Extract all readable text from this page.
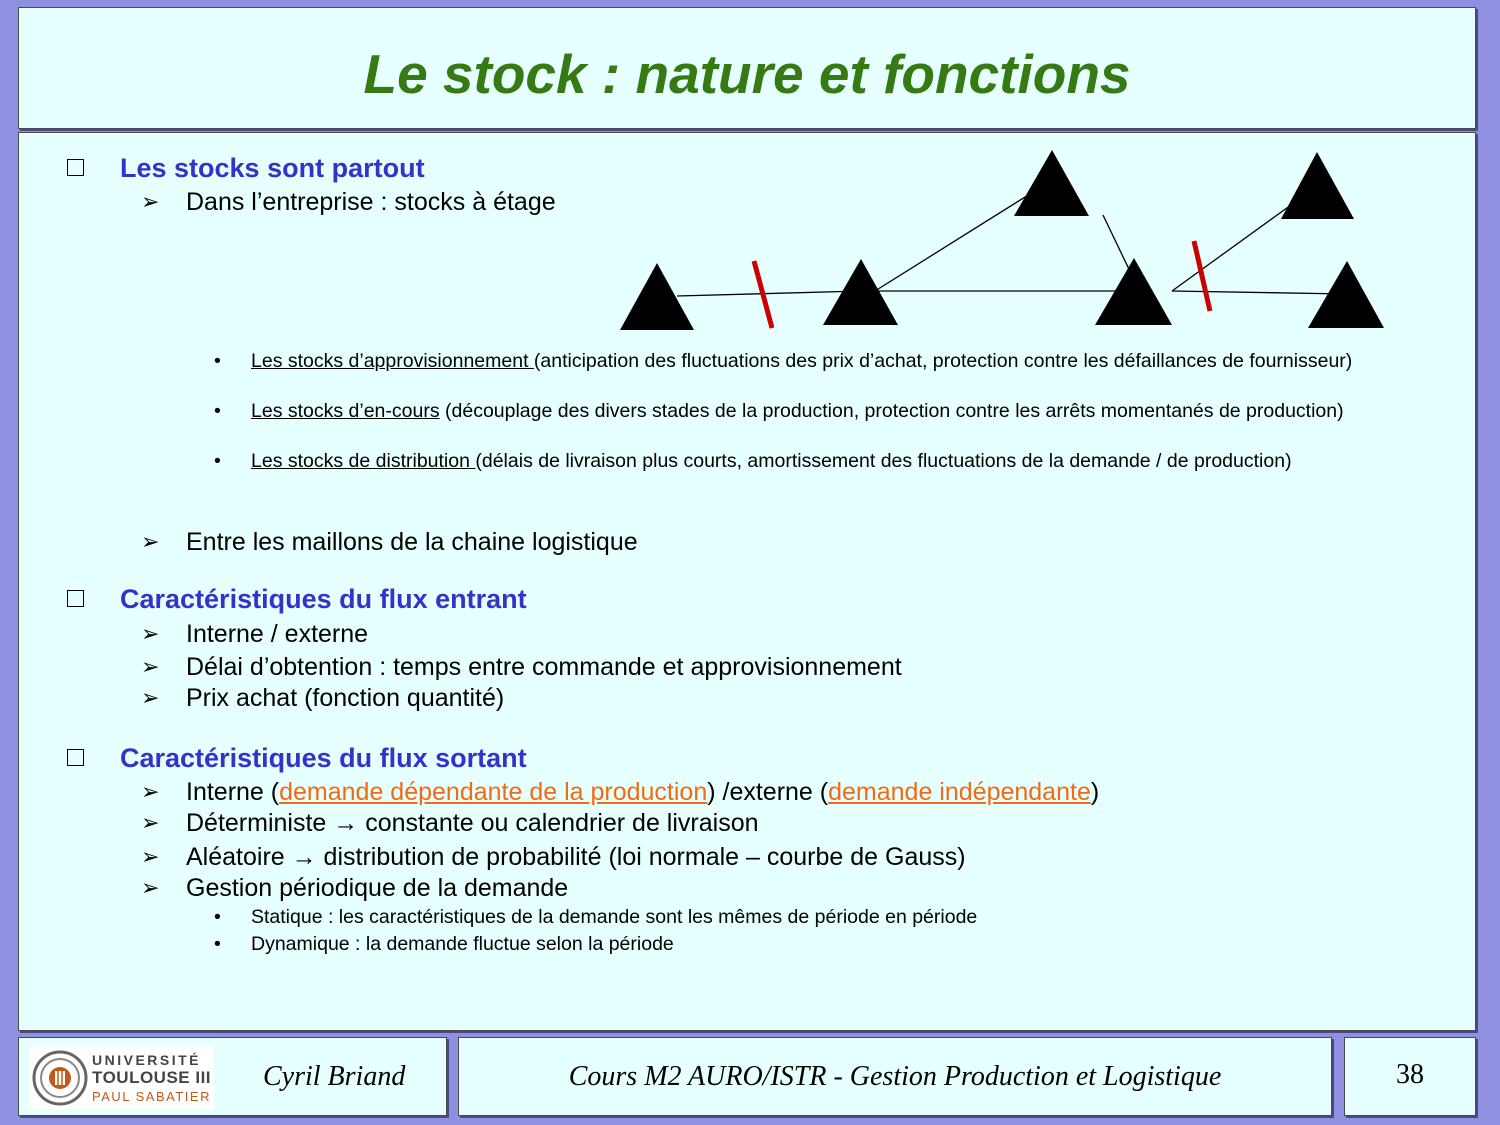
Le stock : nature et fonctions
Les stocks sont partout
➢ Dans l’entreprise : stocks à étage
• Les stocks d’approvisionnement (anticipation des fluctuations des prix d’achat, protection contre les défaillances de fournisseur)
• Les stocks d’en-cours (découplage des divers stades de la production, protection contre les arrêts momentanés de production)
• Les stocks de distribution (délais de livraison plus courts, amortissement des fluctuations de la demande / de production)
➢ Entre les maillons de la chaine logistique
Caractéristiques du flux entrant
➢ Interne / externe
➢ Délai d’obtention : temps entre commande et approvisionnement
➢ Prix achat (fonction quantité)
Caractéristiques du flux sortant
➢ Interne (demande dépendante de la production) /externe (demande indépendante)
➢ Déterministe → constante ou calendrier de livraison
➢ Aléatoire → distribution de probabilité (loi normale – courbe de Gauss)
➢ Gestion périodique de la demande
• Statique : les caractéristiques de la demande sont les mêmes de période en période
• Dynamique : la demande fluctue selon la période
UNIVERSITÉ
TOULOUSE III
PAUL SABATIER
Cyril Briand	Cours M2 AURO/ISTR - Gestion Production et Logistique	38
